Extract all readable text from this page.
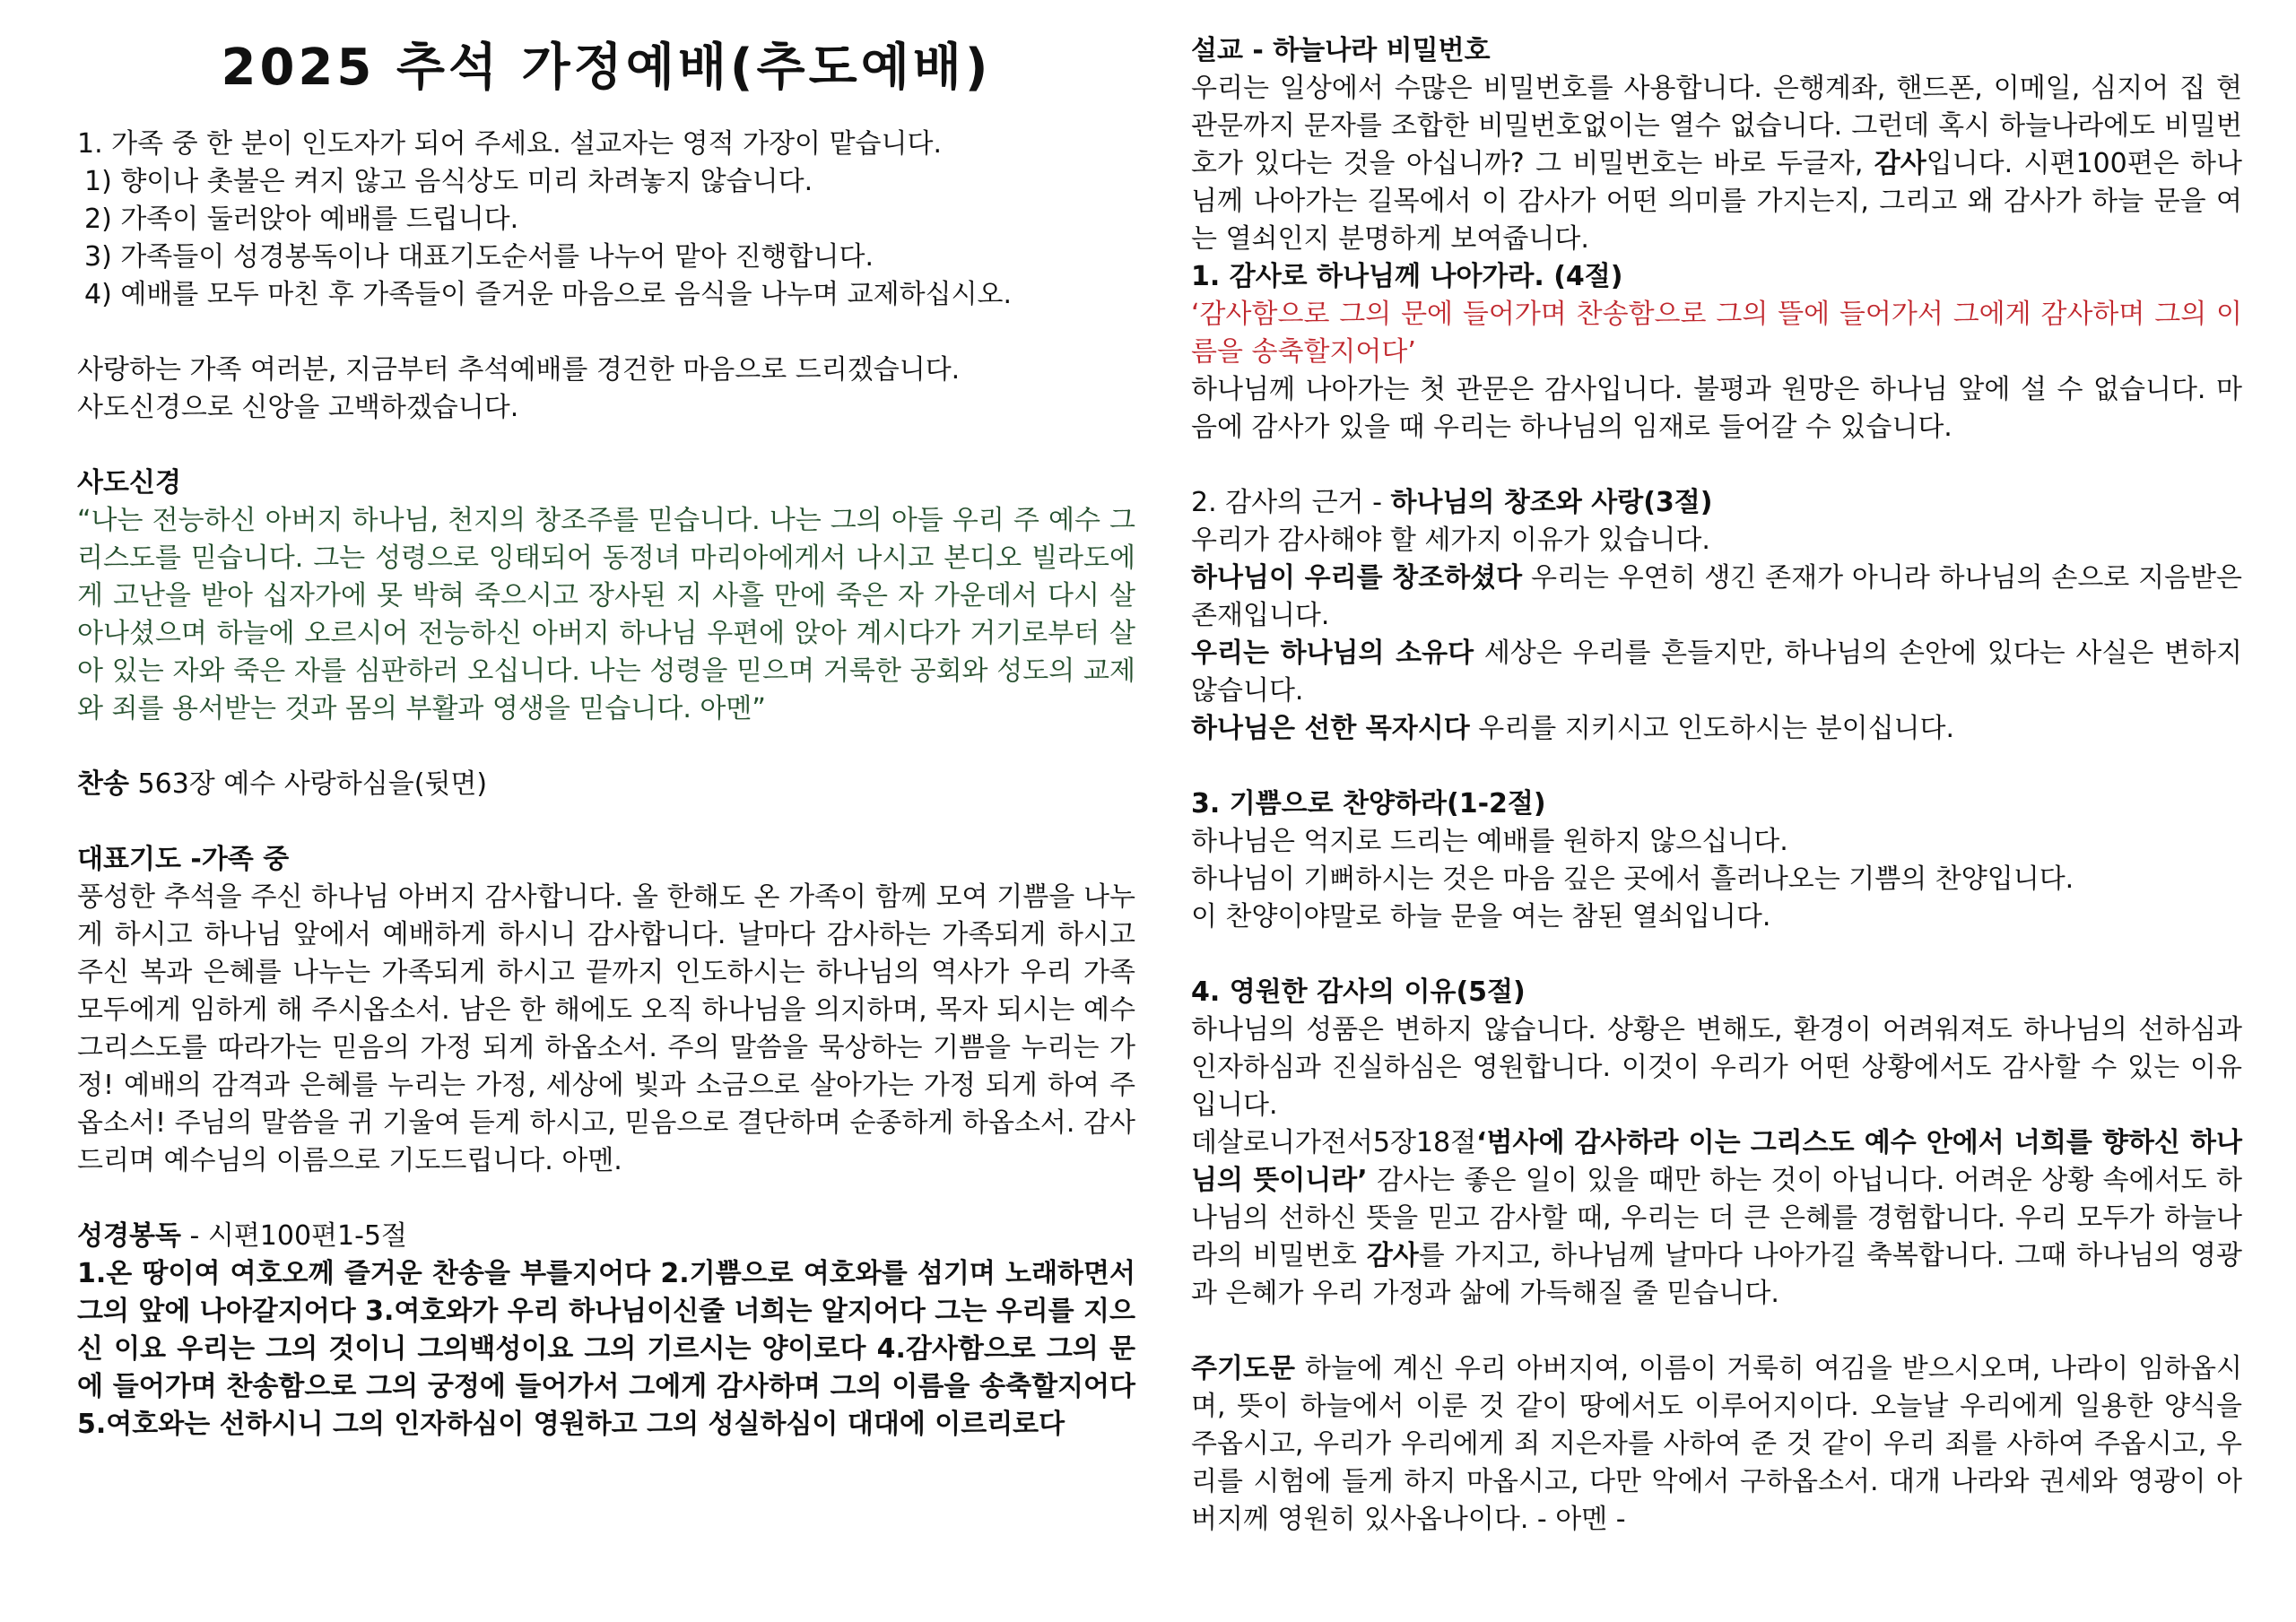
2025 추석 가정예배(추도예배)

1. 가족 중 한 분이 인도자가 되어 주세요. 설교자는 영적 가장이 맡습니다.

1) 향이나 촛불은 켜지 않고 음식상도 미리 차려놓지 않습니다.

2) 가족이 둘러앉아 예배를 드립니다.

3) 가족들이 성경봉독이나 대표기도순서를 나누어 맡아 진행합니다.

4) 예배를 모두 마친 후 가족들이 즐거운 마음으로 음식을 나누며 교제하십시오.

사랑하는 가족 여러분, 지금부터 추석예배를 경건한 마음으로 드리겠습니다.

사도신경으로 신앙을 고백하겠습니다.

사도신경

“나는 전능하신 아버지 하나님, 천지의 창조주를 믿습니다. 나는 그의 아들 우리 주 예수 그리스도를 믿습니다. 그는 성령으로 잉태되어 동정녀 마리아에게서 나시고 본디오 빌라도에게 고난을 받아 십자가에 못 박혀 죽으시고 장사된 지 사흘 만에 죽은 자 가운데서 다시 살아나셨으며 하늘에 오르시어 전능하신 아버지 하나님 우편에 앉아 계시다가 거기로부터 살아 있는 자와 죽은 자를 심판하러 오십니다. 나는 성령을 믿으며 거룩한 공회와 성도의 교제와 죄를 용서받는 것과 몸의 부활과 영생을 믿습니다. 아멘”

찬송 563장 예수 사랑하심을(뒷면)

대표기도 -가족 중

풍성한 추석을 주신 하나님 아버지 감사합니다. 올 한해도 온 가족이 함께 모여 기쁨을 나누게 하시고 하나님 앞에서 예배하게 하시니 감사합니다. 날마다 감사하는 가족되게 하시고 주신 복과 은혜를 나누는 가족되게 하시고 끝까지 인도하시는 하나님의 역사가 우리 가족 모두에게 임하게 해 주시옵소서. 남은 한 해에도 오직 하나님을 의지하며, 목자 되시는 예수 그리스도를 따라가는 믿음의 가정 되게 하옵소서. 주의 말씀을 묵상하는 기쁨을 누리는 가정! 예배의 감격과 은혜를 누리는 가정, 세상에 빛과 소금으로 살아가는 가정 되게 하여 주옵소서! 주님의 말씀을 귀 기울여 듣게 하시고, 믿음으로 결단하며 순종하게 하옵소서. 감사드리며 예수님의 이름으로 기도드립니다. 아멘.

성경봉독 - 시편100편1-5절

1.온 땅이여 여호오께 즐거운 찬송을 부를지어다 2.기쁨으로 여호와를 섬기며 노래하면서 그의 앞에 나아갈지어다 3.여호와가 우리 하나님이신줄 너희는 알지어다 그는 우리를 지으신 이요 우리는 그의 것이니 그의백성이요 그의 기르시는 양이로다 4.감사함으로 그의 문에 들어가며 찬송함으로 그의 궁정에 들어가서 그에게 감사하며 그의 이름을 송축할지어다 5.여호와는 선하시니 그의 인자하심이 영원하고 그의 성실하심이 대대에 이르리로다

설교 - 하늘나라 비밀번호

우리는 일상에서 수많은 비밀번호를 사용합니다. 은행계좌, 핸드폰, 이메일, 심지어 집 현관문까지 문자를 조합한 비밀번호없이는 열수 없습니다. 그런데 혹시 하늘나라에도 비밀번호가 있다는 것을 아십니까? 그 비밀번호는 바로 두글자, 감사입니다. 시편100편은 하나님께 나아가는 길목에서 이 감사가 어떤 의미를 가지는지, 그리고 왜 감사가 하늘 문을 여는 열쇠인지 분명하게 보여줍니다.

1. 감사로 하나님께 나아가라. (4절)

‘감사함으로 그의 문에 들어가며 찬송함으로 그의 뜰에 들어가서 그에게 감사하며 그의 이름을 송축할지어다’

하나님께 나아가는 첫 관문은 감사입니다. 불평과 원망은 하나님 앞에 설 수 없습니다. 마음에 감사가 있을 때 우리는 하나님의 임재로 들어갈 수 있습니다.

2. 감사의 근거 - 하나님의 창조와 사랑(3절)

우리가 감사해야 할 세가지 이유가 있습니다.

하나님이 우리를 창조하셨다 우리는 우연히 생긴 존재가 아니라 하나님의 손으로 지음받은 존재입니다.

우리는 하나님의 소유다 세상은 우리를 흔들지만, 하나님의 손안에 있다는 사실은 변하지 않습니다.

하나님은 선한 목자시다 우리를 지키시고 인도하시는 분이십니다.

3. 기쁨으로 찬양하라(1-2절)

하나님은 억지로 드리는 예배를 원하지 않으십니다.

하나님이 기뻐하시는 것은 마음 깊은 곳에서 흘러나오는 기쁨의 찬양입니다.

이 찬양이야말로 하늘 문을 여는 참된 열쇠입니다.

4. 영원한 감사의 이유(5절)

하나님의 성품은 변하지 않습니다. 상황은 변해도, 환경이 어려워져도 하나님의 선하심과 인자하심과 진실하심은 영원합니다. 이것이 우리가 어떤 상황에서도 감사할 수 있는 이유입니다.

데살로니가전서5장18절‘범사에 감사하라 이는 그리스도 예수 안에서 너희를 향하신 하나님의 뜻이니라’ 감사는 좋은 일이 있을 때만 하는 것이 아닙니다. 어려운 상황 속에서도 하나님의 선하신 뜻을 믿고 감사할 때, 우리는 더 큰 은혜를 경험합니다. 우리 모두가 하늘나라의 비밀번호 감사를 가지고, 하나님께 날마다 나아가길 축복합니다. 그때 하나님의 영광과 은혜가 우리 가정과 삶에 가득해질 줄 믿습니다.

주기도문 하늘에 계신 우리 아버지여, 이름이 거룩히 여김을 받으시오며, 나라이 임하옵시며, 뜻이 하늘에서 이룬 것 같이 땅에서도 이루어지이다. 오늘날 우리에게 일용한 양식을 주옵시고, 우리가 우리에게 죄 지은자를 사하여 준 것 같이 우리 죄를 사하여 주옵시고, 우리를 시험에 들게 하지 마옵시고, 다만 악에서 구하옵소서. 대개 나라와 권세와 영광이 아버지께 영원히 있사옵나이다. - 아멘 -
